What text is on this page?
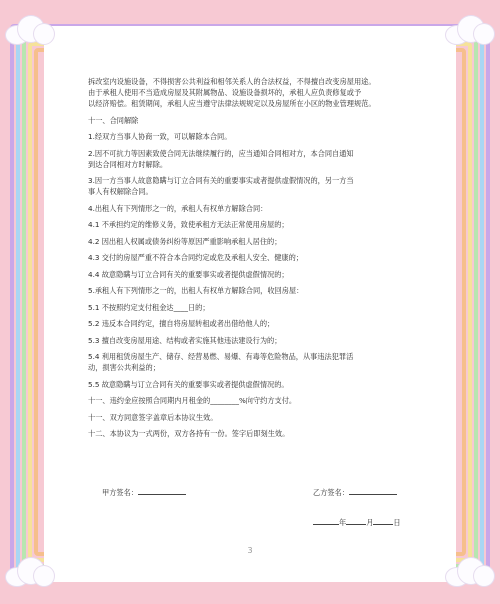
拆改室内设施设备，不得损害公共利益和相邻关系人的合法权益，不得擅自改变房屋用途。

由于承租人使用不当造成房屋及其附属物品、设施设备损坏的，承租人应负责修复或予

以经济赔偿。租赁期间，承租人应当遵守法律法规规定以及房屋所在小区的物业管理规范。

十一、合同解除

1.经双方当事人协商一致，可以解除本合同。

2.因不可抗力等因素致使合同无法继续履行的，应当通知合同相对方，本合同自通知

到达合同相对方时解除。

3.因一方当事人故意隐瞒与订立合同有关的重要事实或者提供虚假情况的，另一方当

事人有权解除合同。

4.出租人有下列情形之一的，承租人有权单方解除合同：

4.1 不承担约定的维修义务，致使承租方无法正常使用房屋的；

4.2 因出租人权属或债务纠纷等原因严重影响承租人居住的；

4.3 交付的房屋严重不符合本合同约定或危及承租人安全、健康的；

4.4 故意隐瞒与订立合同有关的重要事实或者提供虚假情况的；

5.承租人有下列情形之一的，出租人有权单方解除合同，收回房屋：

5.1 不按照约定支付租金达____日的；

5.2 违反本合同约定，擅自将房屋转租或者出借给他人的；

5.3 擅自改变房屋用途、结构或者实施其他违法建设行为的；

5.4 利用租赁房屋生产、储存、经营易燃、易爆、有毒等危险物品，从事违法犯罪活

动，损害公共利益的；

5.5 故意隐瞒与订立合同有关的重要事实或者提供虚假情况的。

十一、违约金应按照合同期内月租金的________%向守约方支付。

十一、双方同意签字盖章后本协议生效。

十二、本协议为一式两份，双方各持有一份。签字后即刻生效。

甲方签名：	乙方签名：
年	月	日
3
